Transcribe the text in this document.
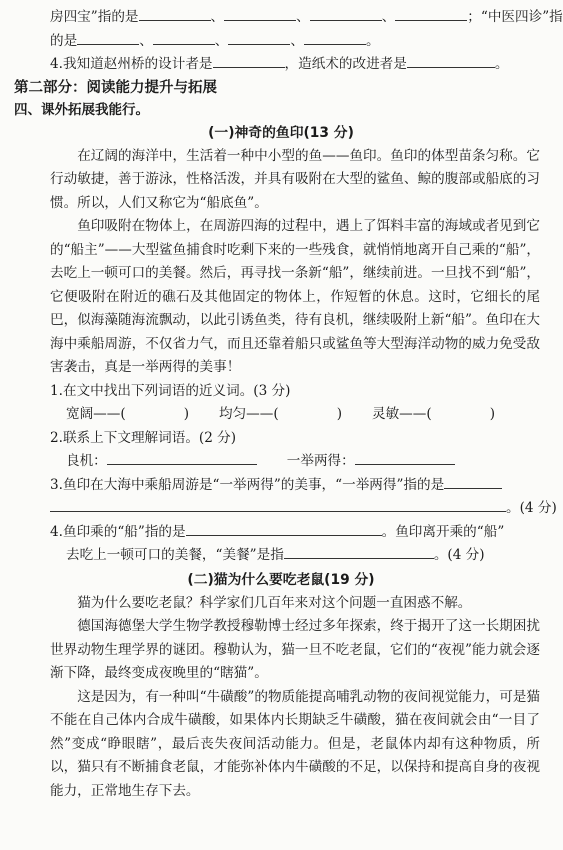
房四宝”指的是	、	、	、	；“中医四诊”指
的是	、	、	、	。
4.我知道赵州桥的设计者是	，造纸术的改进者是	。
第二部分：阅读能力提升与拓展
四、课外拓展我能行。
(一)神奇的鱼印(13 分)
在辽阔的海洋中，生活着一种中小型的鱼——鱼印。鱼印的体型苗条匀称。它行动敏捷，善于游泳，性格活泼，并具有吸附在大型的鲨鱼、鲸的腹部或船底的习惯。所以，人们又称它为“船底鱼”。
鱼印吸附在物体上，在周游四海的过程中，遇上了饵料丰富的海域或者见到它的“船主”——大型鲨鱼捕食时吃剩下来的一些残食，就悄悄地离开自己乘的“船”，去吃上一顿可口的美餐。然后，再寻找一条新“船”，继续前进。一旦找不到“船”，它便吸附在附近的礁石及其他固定的物体上，作短暂的休息。这时，它细长的尾巴，似海藻随海流飘动，以此引诱鱼类，待有良机，继续吸附上新“船”。鱼印在大海中乘船周游，不仅省力气，而且还靠着船只或鲨鱼等大型海洋动物的威力免受敌害袭击，真是一举两得的美事！
1.在文中找出下列词语的近义词。(3 分)
宽阔——(	) 均匀——(	) 灵敏——(	)
2.联系上下文理解词语。(2 分)
良机：	一举两得：
3.鱼印在大海中乘船周游是“一举两得”的美事，“一举两得”指的是
。(4 分)
4.鱼印乘的“船”指的是	。鱼印离开乘的“船”
去吃上一顿可口的美餐，“美餐”是指	。(4 分)
(二)猫为什么要吃老鼠(19 分)
猫为什么要吃老鼠？科学家们几百年来对这个问题一直困惑不解。
德国海德堡大学生物学教授穆勒博士经过多年探索，终于揭开了这一长期困扰世界动物生理学界的谜团。穆勒认为，猫一旦不吃老鼠，它们的“夜视”能力就会逐渐下降，最终变成夜晚里的“瞎猫”。
这是因为，有一种叫“牛磺酸”的物质能提高哺乳动物的夜间视觉能力，可是猫不能在自己体内合成牛磺酸，如果体内长期缺乏牛磺酸，猫在夜间就会由“一目了然”变成“睁眼瞎”，最后丧失夜间活动能力。但是，老鼠体内却有这种物质，所以，猫只有不断捕食老鼠，才能弥补体内牛磺酸的不足，以保持和提高自身的夜视能力，正常地生存下去。
